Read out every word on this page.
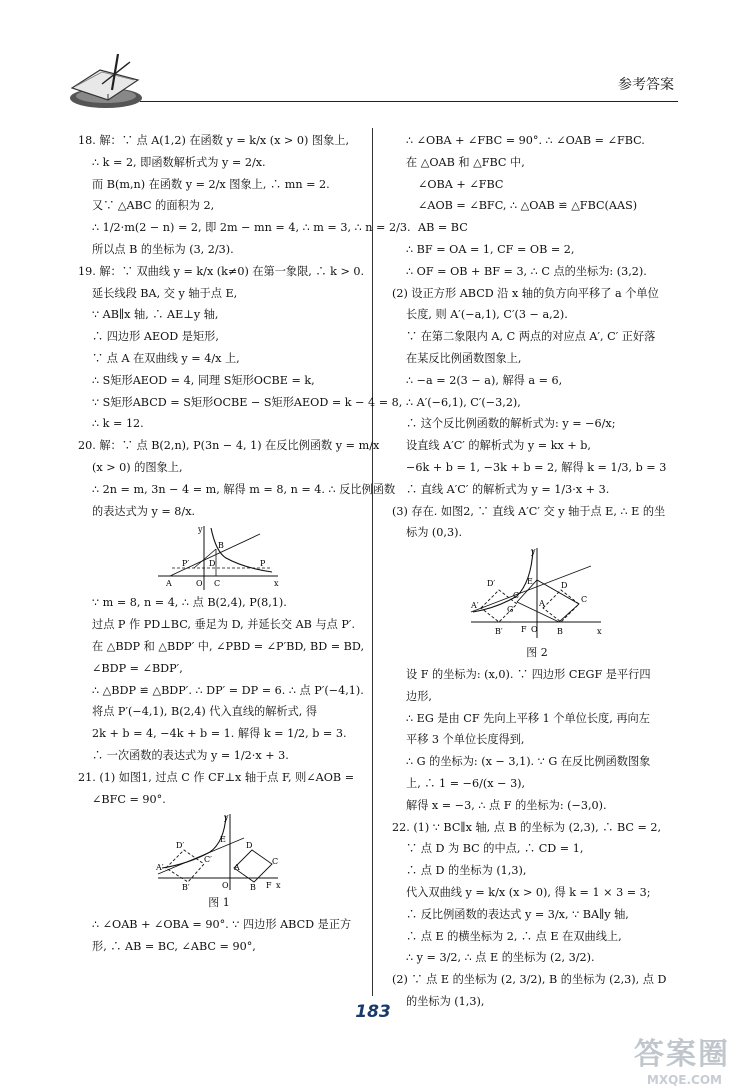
参考答案
18. 解：∵ 点 A(1,2) 在函数 y = k/x (x > 0) 图象上,
∴ k = 2, 即函数解析式为 y = 2/x.
而 B(m,n) 在函数 y = 2/x 图象上, ∴ mn = 2.
又∵ △ABC 的面积为 2,
∴ 1/2·m(2 − n) = 2, 即 2m − mn = 4, ∴ m = 3, ∴ n = 2/3.
所以点 B 的坐标为 (3, 2/3).
19. 解：∵ 双曲线 y = k/x (k≠0) 在第一象限, ∴ k > 0.
延长线段 BA, 交 y 轴于点 E,
∵ AB∥x 轴, ∴ AE⊥y 轴,
∴ 四边形 AEOD 是矩形,
∵ 点 A 在双曲线 y = 4/x 上,
∴ S矩形AEOD = 4, 同理 S矩形OCBE = k,
∵ S矩形ABCD = S矩形OCBE − S矩形AEOD = k − 4 = 8,
∴ k = 12.
20. 解：∵ 点 B(2,n), P(3n − 4, 1) 在反比例函数 y = m/x
(x > 0) 的图象上,
∴ 2n = m, 3n − 4 = m, 解得 m = 8, n = 4. ∴ 反比例函数
的表达式为 y = 8/x.
y
B
P′ D	P
A	O C	x
∵ m = 8, n = 4, ∴ 点 B(2,4), P(8,1).
过点 P 作 PD⊥BC, 垂足为 D, 并延长交 AB 与点 P′.
在 △BDP 和 △BDP′ 中, ∠PBD = ∠P′BD, BD = BD,
∠BDP = ∠BDP′,
∴ △BDP ≌ △BDP′. ∴ DP′ = DP = 6. ∴ 点 P′(−4,1).
将点 P′(−4,1), B(2,4) 代入直线的解析式, 得
2k + b = 4, −4k + b = 1. 解得 k = 1/2, b = 3.
∴ 一次函数的表达式为 y = 1/2·x + 3.
21. (1) 如图1, 过点 C 作 CF⊥x 轴于点 F, 则∠AOB =
∠BFC = 90°.
y
D′
E
D
C′	C
A′	A
B′	O	B F x
图 1
∴ ∠OAB + ∠OBA = 90°. ∵ 四边形 ABCD 是正方
形, ∴ AB = BC, ∠ABC = 90°,
∴ ∠OBA + ∠FBC = 90°. ∴ ∠OAB = ∠FBC.
在 △OAB 和 △FBC 中,
∠OBA + ∠FBC
∠AOB = ∠BFC, ∴ △OAB ≌ △FBC(AAS)
AB = BC
∴ BF = OA = 1, CF = OB = 2,
∴ OF = OB + BF = 3, ∴ C 点的坐标为: (3,2).
(2) 设正方形 ABCD 沿 x 轴的负方向平移了 a 个单位
长度, 则 A′(−a,1), C′(3 − a,2).
∵ 在第二象限内 A, C 两点的对应点 A′, C′ 正好落
在某反比例函数图象上,
∴ −a = 2(3 − a), 解得 a = 6,
∴ A′(−6,1), C′(−3,2),
∴ 这个反比例函数的解析式为: y = −6/x;
设直线 A′C′ 的解析式为 y = kx + b,
−6k + b = 1, −3k + b = 2, 解得 k = 1/3, b = 3
∴ 直线 A′C′ 的解析式为 y = 1/3·x + 3.
(3) 存在. 如图2, ∵ 直线 A′C′ 交 y 轴于点 E, ∴ E 的坐
标为 (0,3).
y
D′	E	D
A′
C′
G
A	C
B′ F O B	x
图 2
设 F 的坐标为: (x,0). ∵ 四边形 CEGF 是平行四
边形,
∴ EG 是由 CF 先向上平移 1 个单位长度, 再向左
平移 3 个单位长度得到,
∴ G 的坐标为: (x − 3,1). ∵ G 在反比例函数图象
上, ∴ 1 = −6/(x − 3),
解得 x = −3, ∴ 点 F 的坐标为: (−3,0).
22. (1) ∵ BC∥x 轴, 点 B 的坐标为 (2,3), ∴ BC = 2,
∵ 点 D 为 BC 的中点, ∴ CD = 1,
∴ 点 D 的坐标为 (1,3),
代入双曲线 y = k/x (x > 0), 得 k = 1 × 3 = 3;
∴ 反比例函数的表达式 y = 3/x, ∵ BA∥y 轴,
∴ 点 E 的横坐标为 2, ∴ 点 E 在双曲线上,
∴ y = 3/2, ∴ 点 E 的坐标为 (2, 3/2).
(2) ∵ 点 E 的坐标为 (2, 3/2), B 的坐标为 (2,3), 点 D
的坐标为 (1,3),
183
答案圈
MXQE.COM
